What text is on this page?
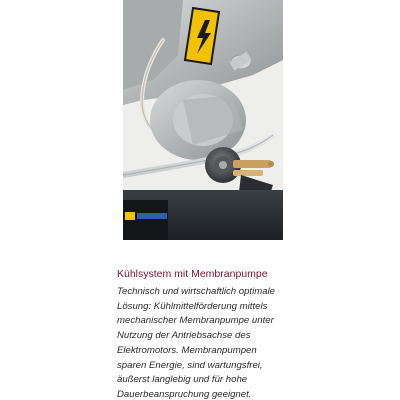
Kühlsystem mit Membranpumpe
Technisch und wirtschaftlich optimale
Lösung: Kühlmittelförderung mittels
mechanischer Membranpumpe unter
Nutzung der Antriebsachse des
Elektromotors. Membranpumpen
sparen Energie, sind wartungsfrei,
äußerst langlebig und für hohe
Dauerbeanspruchung geeignet.
